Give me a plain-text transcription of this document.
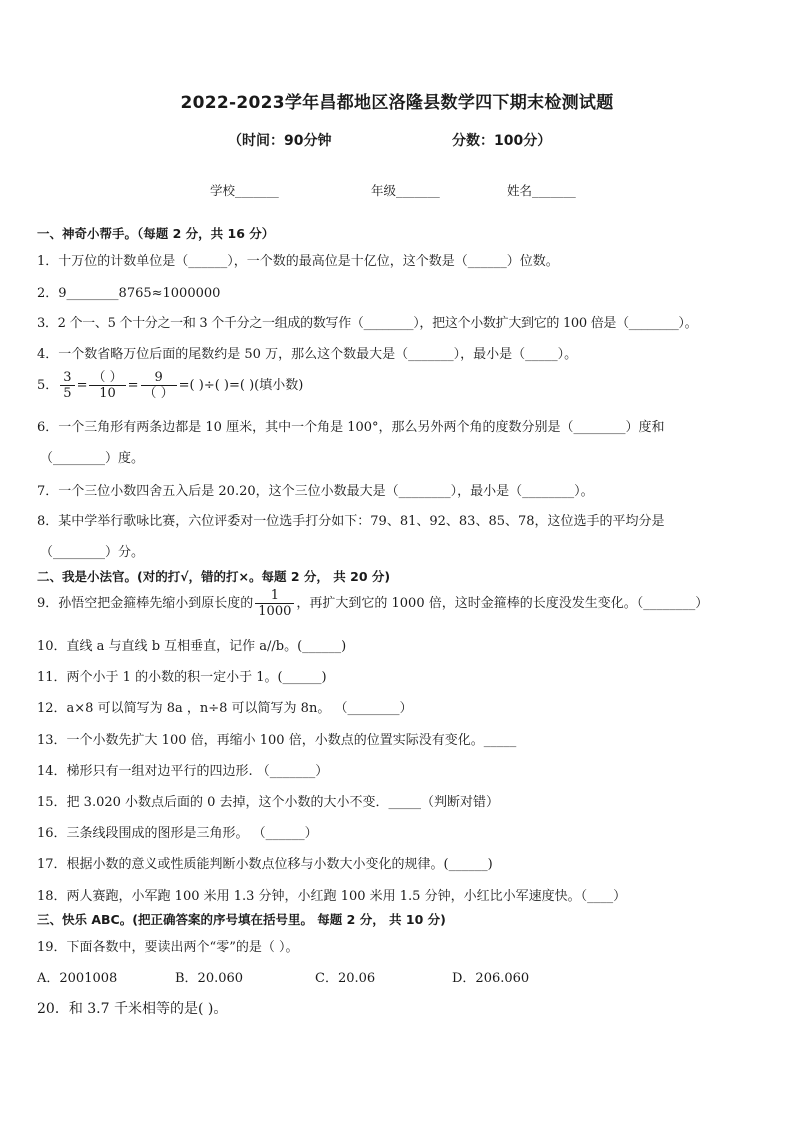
2022-2023学年昌都地区洛隆县数学四下期末检测试题
（时间：90分钟	分数：100分）
学校_______	年级_______	姓名_______
一、神奇小帮手。（每题 2 分，共 16 分）
1．十万位的计数单位是（______），一个数的最高位是十亿位，这个数是（______）位数。
2．9________8765≈1000000
3．2 个一、5 个十分之一和 3 个千分之一组成的数写作（________），把这个小数扩大到它的 100 倍是（________）。
4．一个数省略万位后面的尾数约是 50 万，那么这个数最大是（_______），最小是（_____）。
5． $\frac{3}{5} = \frac{( )}{10} = \frac{9}{( )}$ =( )÷( )=( )(填小数)
6．一个三角形有两条边都是 10 厘米，其中一个角是 100°，那么另外两个角的度数分别是（________）度和
（________）度。
7．一个三位小数四舍五入后是 20.20，这个三位小数最大是（________），最小是（________）。
8．某中学举行歌咏比赛，六位评委对一位选手打分如下：79、81、92、83、85、78，这位选手的平均分是
（________）分。
二、我是小法官。(对的打√，错的打×。每题 2 分， 共 20 分)
9．孙悟空把金箍棒先缩小到原长度的 $\frac{1}{1000}$ ，再扩大到它的 1000 倍，这时金箍棒的长度没发生变化。（________）
10．直线 a 与直线 b 互相垂直，记作 a//b。(______)
11．两个小于 1 的小数的积一定小于 1。(______)
12．a×8 可以简写为 8a ，n÷8 可以简写为 8n。 （________）
13．一个小数先扩大 100 倍，再缩小 100 倍，小数点的位置实际没有变化。_____
14．梯形只有一组对边平行的四边形. （_______）
15．把 3.020 小数点后面的 0 去掉，这个小数的大小不变．_____（判断对错）
16．三条线段围成的图形是三角形。 （______）
17．根据小数的意义或性质能判断小数点位移与小数大小变化的规律。(______)
18．两人赛跑，小军跑 100 米用 1.3 分钟，小红跑 100 米用 1.5 分钟，小红比小军速度快。（____）
三、快乐 ABC。(把正确答案的序号填在括号里。 每题 2 分， 共 10 分)
19．下面各数中，要读出两个“零”的是（ ）。
A．2001008	B．20.060	C．20.06	D．206.060
20．和 3.7 千米相等的是( )。
